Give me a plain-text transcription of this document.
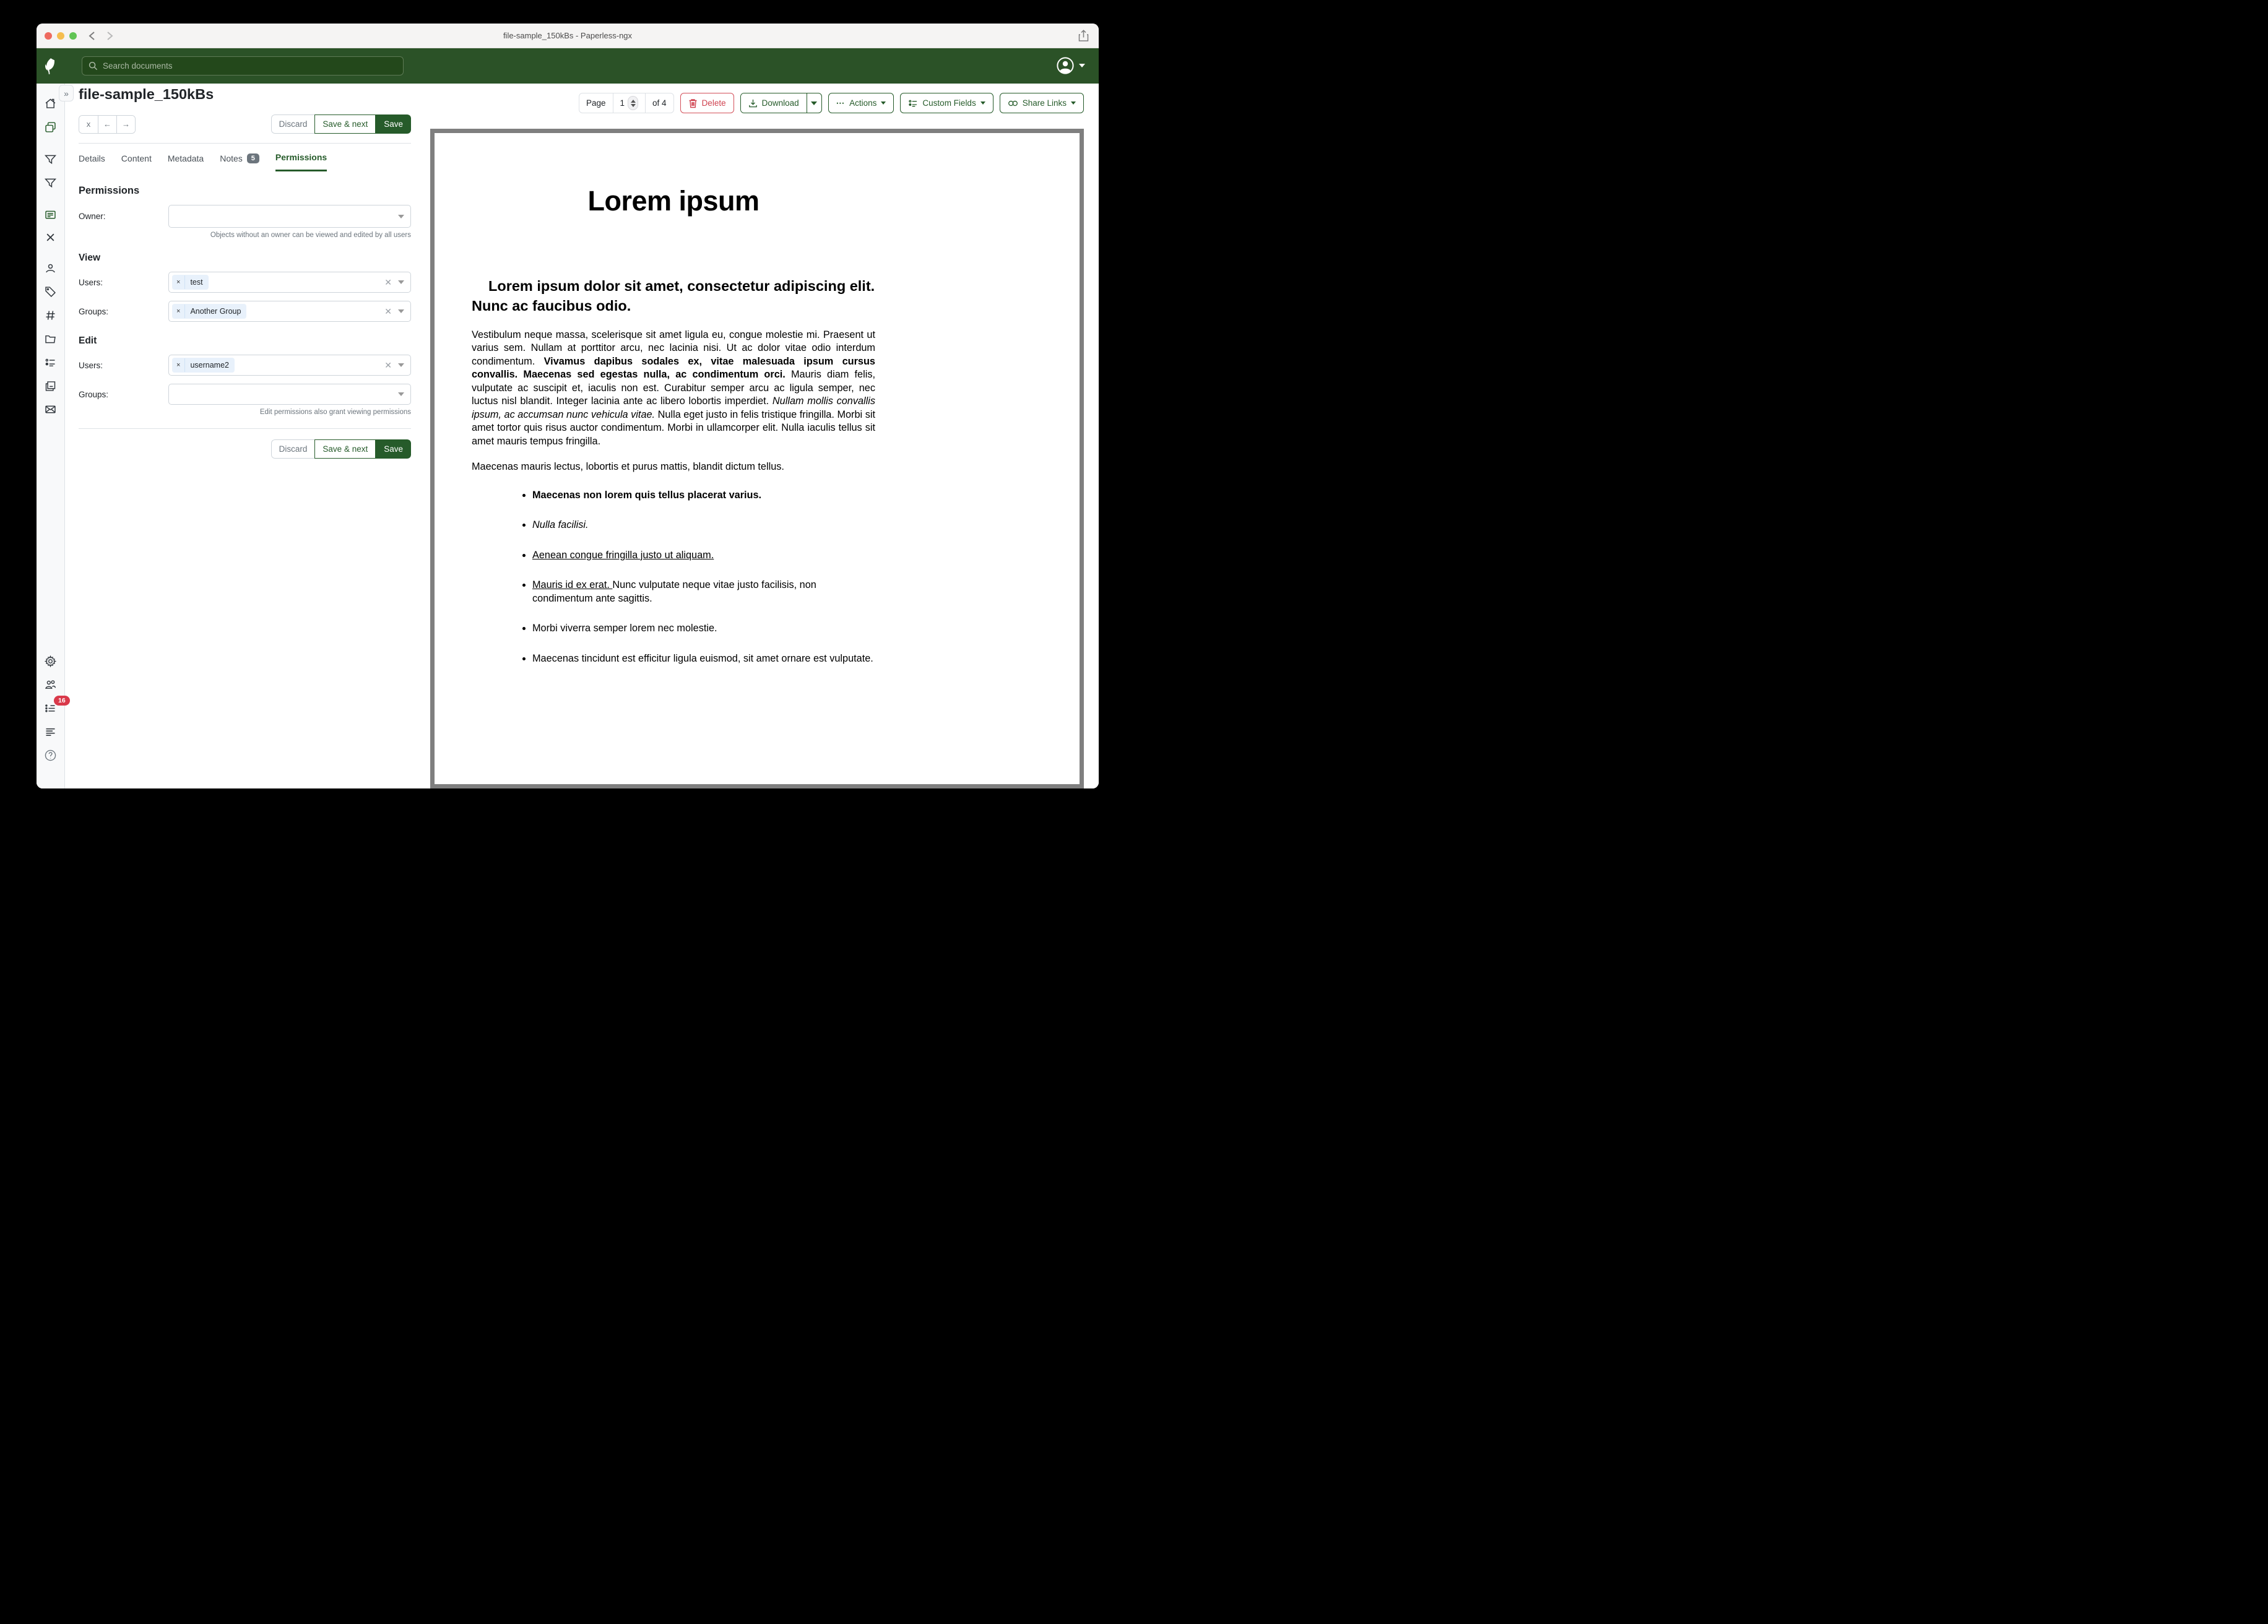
file-sample_150kBs - Paperless-ngx
Search documents
16
» file-sample_150kBs
Page	1	of 4	Delete	Download	⋯ Actions	Custom Fields	Share Links
x	←	→	Discard	Save & next	Save
Details Content Metadata Notes	5	Permissions
Permissions
Owner:
Objects without an owner can be viewed and edited by all users
View
Users:	×	test	✕
Groups:	×	Another Group	✕
Edit
Users:	×	username2	✕
Groups:
Edit permissions also grant viewing permissions
Discard	Save & next	Save
Lorem ipsum
Lorem ipsum dolor sit amet, consectetur adipiscing elit. Nunc ac faucibus odio.

Vestibulum neque massa, scelerisque sit amet ligula eu, congue molestie mi. Praesent ut varius sem. Nullam at porttitor arcu, nec lacinia nisi. Ut ac dolor vitae odio interdum condimentum. Vivamus dapibus sodales ex, vitae malesuada ipsum cursus convallis. Maecenas sed egestas nulla, ac condimentum orci. Mauris diam felis, vulputate ac suscipit et, iaculis non est. Curabitur semper arcu ac ligula semper, nec luctus nisl blandit. Integer lacinia ante ac libero lobortis imperdiet. Nullam mollis convallis ipsum, ac accumsan nunc vehicula vitae. Nulla eget justo in felis tristique fringilla. Morbi sit amet tortor quis risus auctor condimentum. Morbi in ullamcorper elit. Nulla iaculis tellus sit amet mauris tempus fringilla.

Maecenas mauris lectus, lobortis et purus mattis, blandit dictum tellus.

• Maecenas non lorem quis tellus placerat varius.
• Nulla facilisi.
• Aenean congue fringilla justo ut aliquam.
• Mauris id ex erat. Nunc vulputate neque vitae justo facilisis, non condimentum ante sagittis.
• Morbi viverra semper lorem nec molestie.
• Maecenas tincidunt est efficitur ligula euismod, sit amet ornare est vulputate.
